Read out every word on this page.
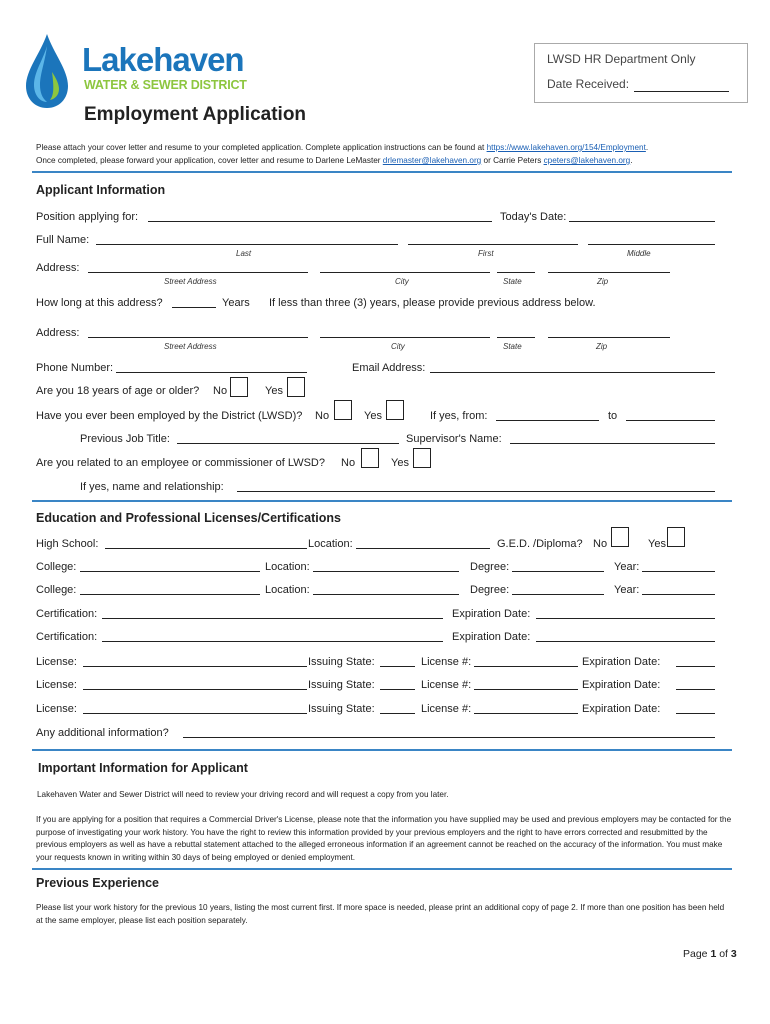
Lakehaven
WATER & SEWER DISTRICT
LWSD HR Department Only
Date Received:
Employment Application
Please attach your cover letter and resume to your completed application. Complete application instructions can be found at https://www.lakehaven.org/154/Employment.
Once completed, please forward your application, cover letter and resume to Darlene LeMaster drlemaster@lakehaven.org or Carrie Peters cpeters@lakehaven.org.
Applicant Information
Position applying for:	Today's Date:
Full Name:
Last	First	Middle
Address:
Street Address	City	State	Zip
How long at this address?	Years If less than three (3) years, please provide previous address below.
Address:
Street Address	City	State	Zip
Phone Number:	Email Address:
Are you 18 years of age or older? No	Yes
Have you ever been employed by the District (LWSD)? No	Yes	If yes, from:	to
Previous Job Title:	Supervisor's Name:
Are you related to an employee or commissioner of LWSD? No	Yes
If yes, name and relationship:
Education and Professional Licenses/Certifications
High School:	Location:	G.E.D. /Diploma? No	Yes
College:	Location:	Degree:	Year:
College:	Location:	Degree:	Year:
Certification:	Expiration Date:
Certification:	Expiration Date:
License:	Issuing State:	License #:	Expiration Date:
License:	Issuing State:	License #:	Expiration Date:
License:	Issuing State:	License #:	Expiration Date:
Any additional information?
Important Information for Applicant
Lakehaven Water and Sewer District will need to review your driving record and will request a copy from you later.
If you are applying for a position that requires a Commercial Driver's License, please note that the information you have supplied may be used and previous employers may be contacted for the purpose of investigating your work history. You have the right to review this information provided by your previous employers and the right to have errors corrected and resubmitted by the previous employers as well as have a rebuttal statement attached to the alleged erroneous information if an agreement cannot be reached on the accuracy of the information. You must make your requests known in writing within 30 days of being employed or denied employment.
Previous Experience
Please list your work history for the previous 10 years, listing the most current first. If more space is needed, please print an additional copy of page 2. If more than one position has been held at the same employer, please list each position separately.
Page 1 of 3
